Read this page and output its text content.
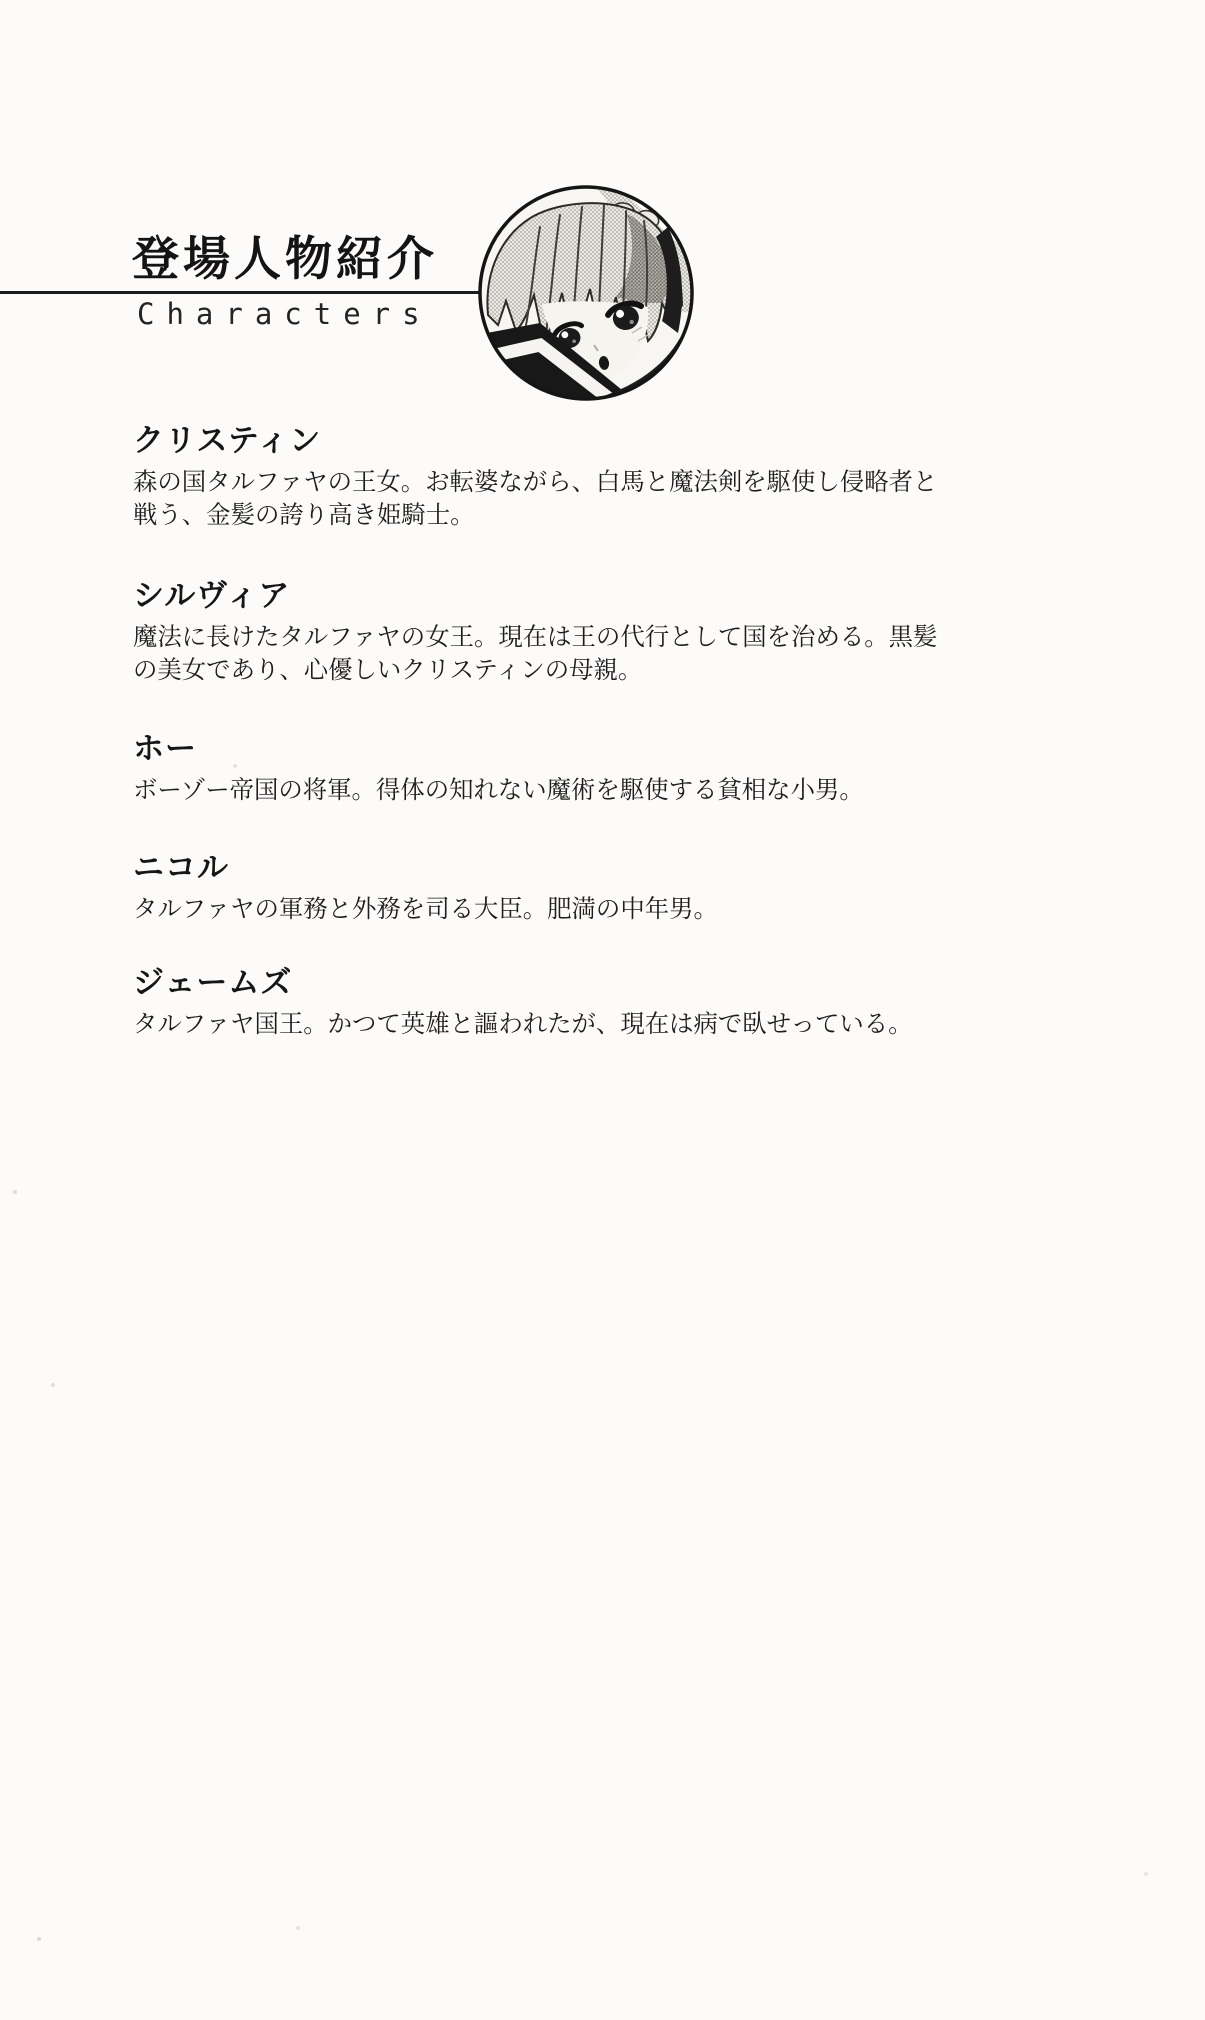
登場人物紹介
Characters
クリスティン

森の国タルファヤの王女。お転婆ながら、白馬と魔法剣を駆使し侵略者と戦う、金髪の誇り高き姫騎士。

シルヴィア

魔法に長けたタルファヤの女王。現在は王の代行として国を治める。黒髪の美女であり、心優しいクリスティンの母親。

ホー

ボーゾー帝国の将軍。得体の知れない魔術を駆使する貧相な小男。

ニコル

タルファヤの軍務と外務を司る大臣。肥満の中年男。

ジェームズ

タルファヤ国王。かつて英雄と謳われたが、現在は病で臥せっている。
